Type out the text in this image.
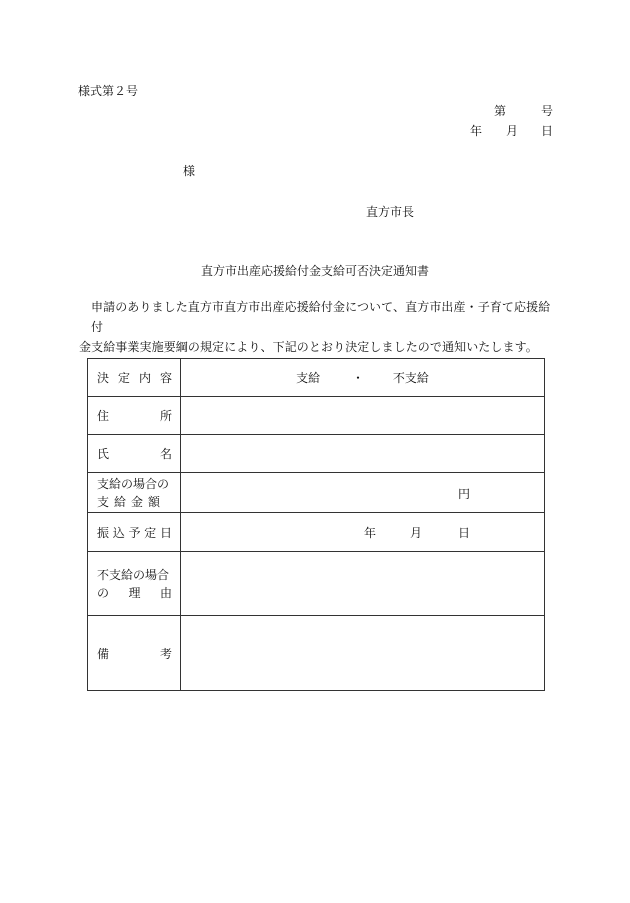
様式第２号
第	号
年 月 日
様
直方市長
直方市出産応援給付金支給可否決定通知書
申請のありました直方市直方市出産応援給付金について、直方市出産・子育て応援給付
金支給事業実施要綱の規定により、下記のとおり決定しましたので通知いたします。
決 定 内 容	支給 ・ 不支給

住 所	

氏 名	

支給の場合の
支 給 金 額	円

振 込 予 定 日	年 月 日

不支給の場合
の 理 由	

備 考	
